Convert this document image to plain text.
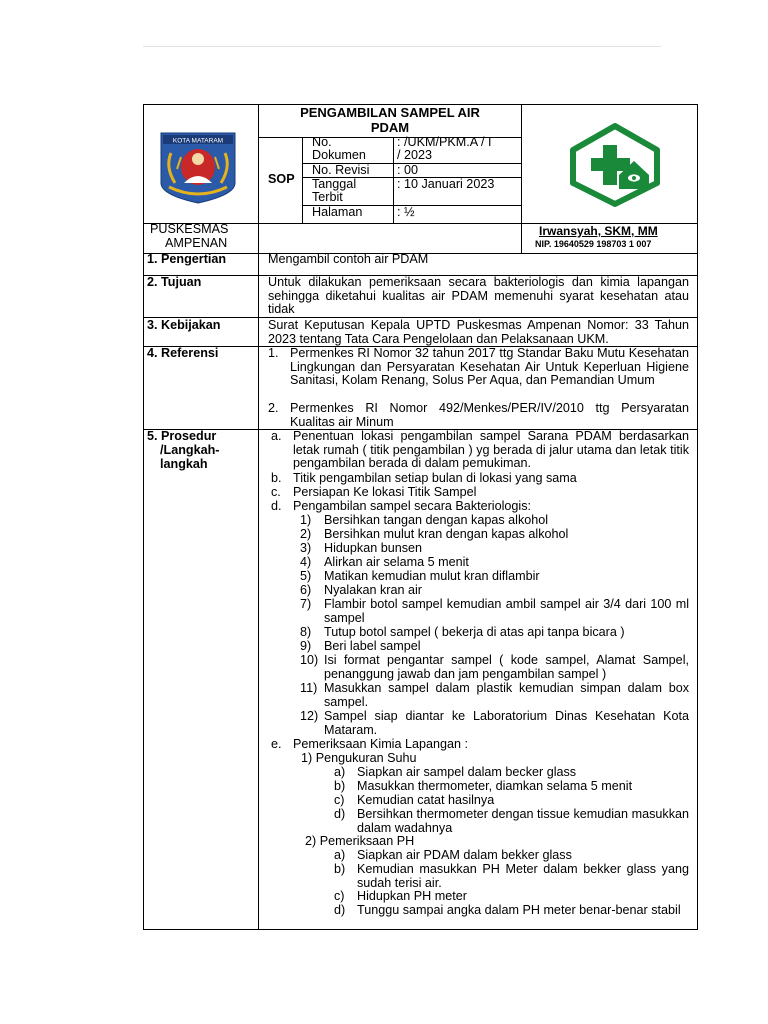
KOTA MATARAM
PENGAMBILAN SAMPEL AIR
PDAM
SOP
No.
Dokumen
: /UKM/PKM.A / I
/ 2023
No. Revisi : 00
Tanggal
Terbit
: 10 Januari 2023
Halaman	: ½
PUSKESMAS
AMPENAN
Irwansyah, SKM, MM
NIP. 19640529 198703 1 007
1. Pengertian
2. Tujuan
3. Kebijakan
4. Referensi
5. Prosedur
/Langkah-
langkah
Mengambil contoh air PDAM
Untuk dilakukan pemeriksaan secara bakteriologis dan kimia lapangan sehingga diketahui kualitas air PDAM memenuhi syarat kesehatan atau tidak
Surat Keputusan Kepala UPTD Puskesmas Ampenan Nomor: 33 Tahun 2023 tentang Tata Cara Pengelolaan dan Pelaksanaan UKM.
1. Permenkes RI Nomor 32 tahun 2017 ttg Standar Baku Mutu Kesehatan Lingkungan dan Persyaratan Kesehatan Air Untuk Keperluan Higiene Sanitasi, Kolam Renang, Solus Per Aqua, dan Pemandian Umum
2. Permenkes RI Nomor 492/Menkes/PER/IV/2010 ttg Persyaratan Kualitas air Minum
a. Penentuan lokasi pengambilan sampel Sarana PDAM berdasarkan letak rumah ( titik pengambilan ) yg berada di jalur utama dan letak titik pengambilan berada di dalam pemukiman.
b. Titik pengambilan setiap bulan di lokasi yang sama
c. Persiapan Ke lokasi Titik Sampel
d. Pengambilan sampel secara Bakteriologis:
1) Bersihkan tangan dengan kapas alkohol
2) Bersihkan mulut kran dengan kapas alkohol
3) Hidupkan bunsen
4) Alirkan air selama 5 menit
5) Matikan kemudian mulut kran diflambir
6) Nyalakan kran air
7) Flambir botol sampel kemudian ambil sampel air 3/4 dari 100 ml sampel
8) Tutup botol sampel ( bekerja di atas api tanpa bicara )
9) Beri label sampel
10) Isi format pengantar sampel ( kode sampel, Alamat Sampel, penanggung jawab dan jam pengambilan sampel )
11) Masukkan sampel dalam plastik kemudian simpan dalam box sampel.
12) Sampel siap diantar ke Laboratorium Dinas Kesehatan Kota Mataram.
e. Pemeriksaan Kimia Lapangan :
1) Pengukuran Suhu
a) Siapkan air sampel dalam becker glass
b) Masukkan thermometer, diamkan selama 5 menit
c) Kemudian catat hasilnya
d) Bersihkan thermometer dengan tissue kemudian masukkan dalam wadahnya
2) Pemeriksaan PH
a) Siapkan air PDAM dalam bekker glass
b) Kemudian masukkan PH Meter dalam bekker glass yang sudah terisi air.
c) Hidupkan PH meter
d) Tunggu sampai angka dalam PH meter benar-benar stabil
